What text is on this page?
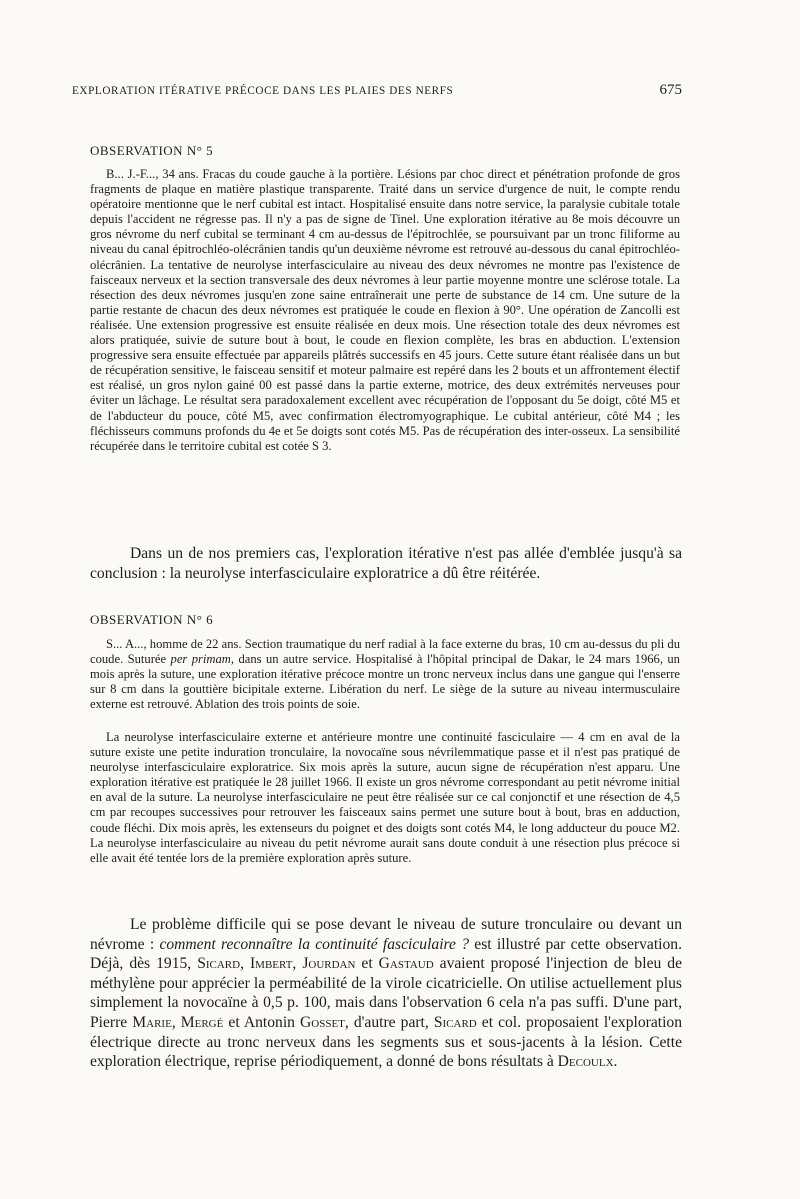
EXPLORATION ITÉRATIVE PRÉCOCE DANS LES PLAIES DES NERFS	675
OBSERVATION N° 5

B... J.-F..., 34 ans. Fracas du coude gauche à la portière. Lésions par choc direct et pénétration profonde de gros fragments de plaque en matière plastique transparente. Traité dans un service d'urgence de nuit, le compte rendu opératoire mentionne que le nerf cubital est intact. Hospitalisé ensuite dans notre service, la paralysie cubitale totale depuis l'accident ne régresse pas. Il n'y a pas de signe de Tinel. Une exploration itérative au 8e mois découvre un gros névrome du nerf cubital se terminant 4 cm au-dessus de l'épitrochlée, se poursuivant par un tronc filiforme au niveau du canal épitrochléo-olécrânien tandis qu'un deuxième névrome est retrouvé au-dessous du canal épitrochléo-olécrânien. La tentative de neurolyse interfasciculaire au niveau des deux névromes ne montre pas l'existence de faisceaux nerveux et la section transversale des deux névromes à leur partie moyenne montre une sclérose totale. La résection des deux névromes jusqu'en zone saine entraînerait une perte de substance de 14 cm. Une suture de la partie restante de chacun des deux névromes est pratiquée le coude en flexion à 90°. Une opération de Zancolli est réalisée. Une extension progressive est ensuite réalisée en deux mois. Une résection totale des deux névromes est alors pratiquée, suivie de suture bout à bout, le coude en flexion complète, les bras en abduction. L'extension progressive sera ensuite effectuée par appareils plâtrés successifs en 45 jours. Cette suture étant réalisée dans un but de récupération sensitive, le faisceau sensitif et moteur palmaire est repéré dans les 2 bouts et un affrontement électif est réalisé, un gros nylon gainé 00 est passé dans la partie externe, motrice, des deux extrémités nerveuses pour éviter un lâchage. Le résultat sera paradoxalement excellent avec récupération de l'opposant du 5e doigt, côté M5 et de l'abducteur du pouce, côté M5, avec confirmation électromyographique. Le cubital antérieur, côté M4 ; les fléchisseurs communs profonds du 4e et 5e doigts sont cotés M5. Pas de récupération des inter-osseux. La sensibilité récupérée dans le territoire cubital est cotée S 3.

Dans un de nos premiers cas, l'exploration itérative n'est pas allée d'emblée jusqu'à sa conclusion : la neurolyse interfasciculaire exploratrice a dû être réitérée.

OBSERVATION N° 6

S... A..., homme de 22 ans. Section traumatique du nerf radial à la face externe du bras, 10 cm au-dessus du pli du coude. Suturée per primam, dans un autre service. Hospitalisé à l'hôpital principal de Dakar, le 24 mars 1966, un mois après la suture, une exploration itérative précoce montre un tronc nerveux inclus dans une gangue qui l'enserre sur 8 cm dans la gouttière bicipitale externe. Libération du nerf. Le siège de la suture au niveau intermusculaire externe est retrouvé. Ablation des trois points de soie.

La neurolyse interfasciculaire externe et antérieure montre une continuité fasciculaire — 4 cm en aval de la suture existe une petite induration tronculaire, la novocaïne sous névrilemmatique passe et il n'est pas pratiqué de neurolyse interfasciculaire exploratrice. Six mois après la suture, aucun signe de récupération n'est apparu. Une exploration itérative est pratiquée le 28 juillet 1966. Il existe un gros névrome correspondant au petit névrome initial en aval de la suture. La neurolyse interfasciculaire ne peut être réalisée sur ce cal conjonctif et une résection de 4,5 cm par recoupes successives pour retrouver les faisceaux sains permet une suture bout à bout, bras en adduction, coude fléchi. Dix mois après, les extenseurs du poignet et des doigts sont cotés M4, le long adducteur du pouce M2. La neurolyse interfasciculaire au niveau du petit névrome aurait sans doute conduit à une résection plus précoce si elle avait été tentée lors de la première exploration après suture.

Le problème difficile qui se pose devant le niveau de suture tronculaire ou devant un névrome : comment reconnaître la continuité fasciculaire ? est illustré par cette observation. Déjà, dès 1915, Sicard, Imbert, Jourdan et Gastaud avaient proposé l'injection de bleu de méthylène pour apprécier la perméabilité de la virole cicatricielle. On utilise actuellement plus simplement la novocaïne à 0,5 p. 100, mais dans l'observation 6 cela n'a pas suffi. D'une part, Pierre Marie, Mergé et Antonin Gosset, d'autre part, Sicard et col. proposaient l'exploration électrique directe au tronc nerveux dans les segments sus et sous-jacents à la lésion. Cette exploration électrique, reprise périodiquement, a donné de bons résultats à Decoulx.
